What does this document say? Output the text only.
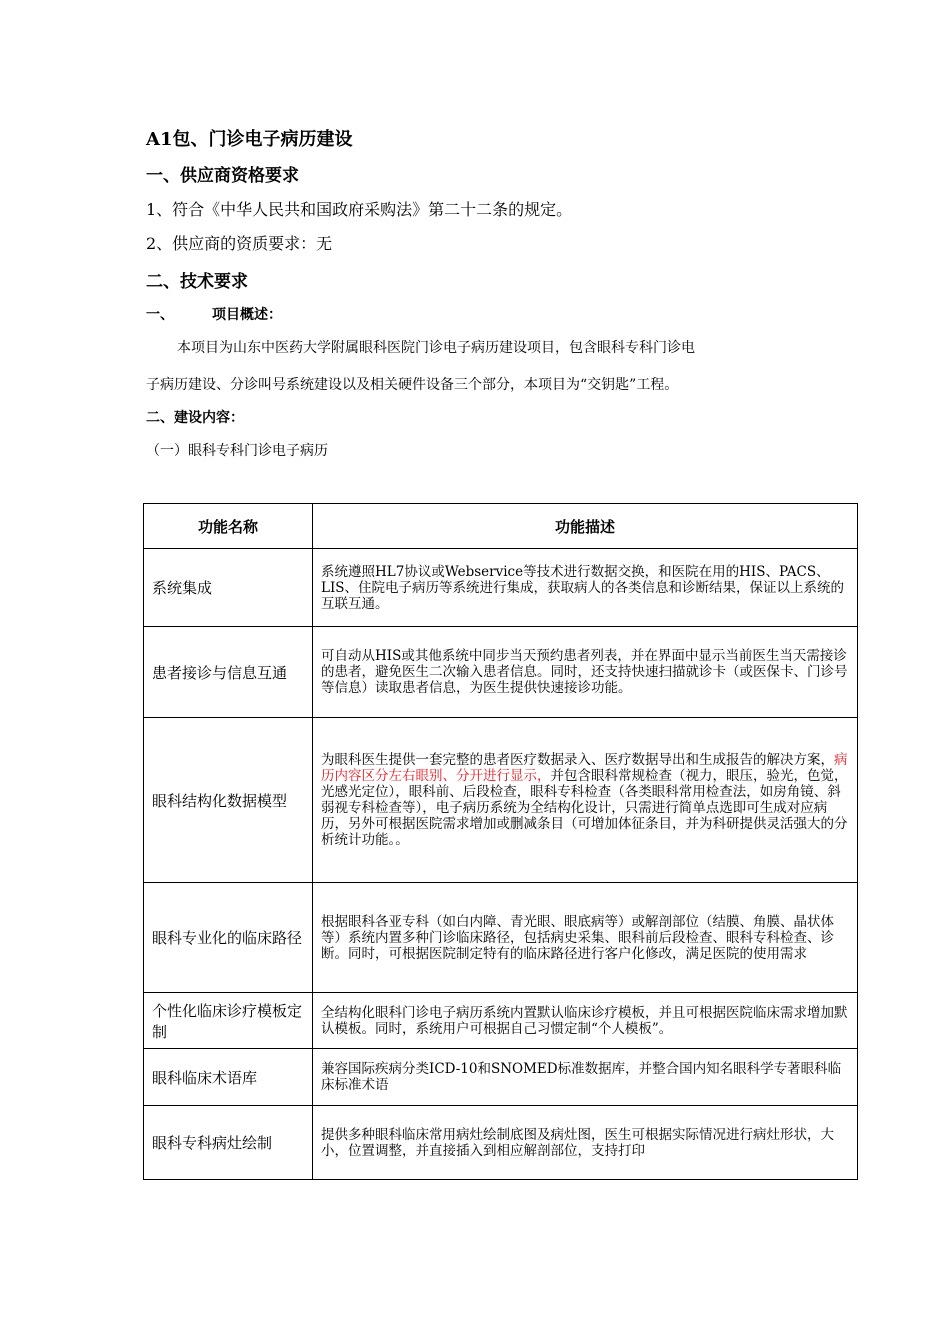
A1包、门诊电子病历建设
一、供应商资格要求
1、符合《中华人民共和国政府采购法》第二十二条的规定。
2、供应商的资质要求：无
二、技术要求
一、	项目概述：
本项目为山东中医药大学附属眼科医院门诊电子病历建设项目，包含眼科专科门诊电
子病历建设、分诊叫号系统建设以及相关硬件设备三个部分，本项目为“交钥匙”工程。
二、建设内容：
（一）眼科专科门诊电子病历
功能名称	功能描述
系统集成	系统遵照HL7协议或Webservice等技术进行数据交换，和医院在用的HIS、PACS、LIS、住院电子病历等系统进行集成，获取病人的各类信息和诊断结果，保证以上系统的互联互通。
患者接诊与信息互通	可自动从HIS或其他系统中同步当天预约患者列表，并在界面中显示当前医生当天需接诊的患者，避免医生二次输入患者信息。同时，还支持快速扫描就诊卡（或医保卡、门诊号等信息）读取患者信息，为医生提供快速接诊功能。
眼科结构化数据模型	为眼科医生提供一套完整的患者医疗数据录入、医疗数据导出和生成报告的解决方案，病历内容区分左右眼别、分开进行显示，并包含眼科常规检查（视力，眼压，验光，色觉，光感光定位），眼科前、后段检查，眼科专科检查（各类眼科常用检查法，如房角镜、斜弱视专科检查等），电子病历系统为全结构化设计，只需进行简单点选即可生成对应病历，另外可根据医院需求增加或删减条目（可增加体征条目，并为科研提供灵活强大的分析统计功能。。
眼科专业化的临床路径	根据眼科各亚专科（如白内障、青光眼、眼底病等）或解剖部位（结膜、角膜、晶状体等）系统内置多种门诊临床路径，包括病史采集、眼科前后段检查、眼科专科检查、诊断。同时，可根据医院制定特有的临床路径进行客户化修改，满足医院的使用需求
个性化临床诊疗模板定制	全结构化眼科门诊电子病历系统内置默认临床诊疗模板，并且可根据医院临床需求增加默认模板。同时，系统用户可根据自己习惯定制“个人模板”。
眼科临床术语库	兼容国际疾病分类ICD-10和SNOMED标准数据库，并整合国内知名眼科学专著眼科临床标准术语
眼科专科病灶绘制	提供多种眼科临床常用病灶绘制底图及病灶图，医生可根据实际情况进行病灶形状，大小，位置调整，并直接插入到相应解剖部位，支持打印
